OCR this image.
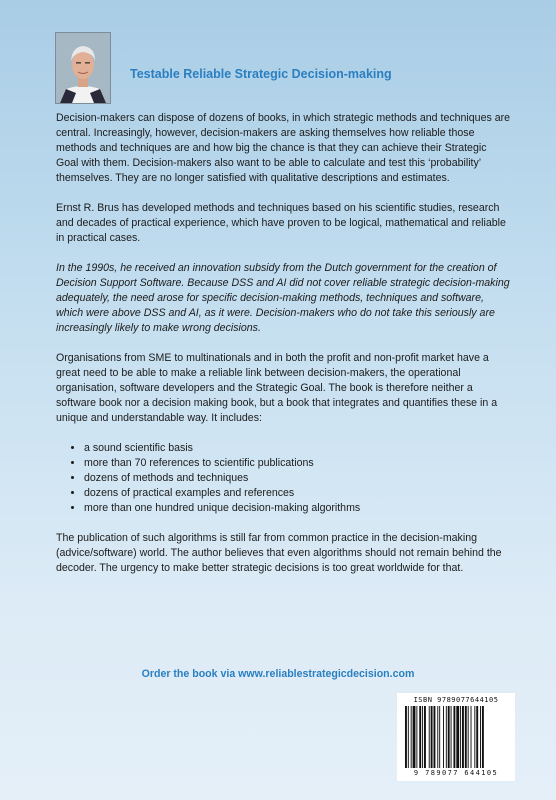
Testable Reliable Strategic Decision-making

Decision-makers can dispose of dozens of books, in which strategic methods and techniques are central. Increasingly, however, decision-makers are asking themselves how reliable those methods and techniques are and how big the chance is that they can achieve their Strategic Goal with them. Decision-makers also want to be able to calculate and test this ‘probability’ themselves. They are no longer satisfied with qualitative descriptions and estimates.

Ernst R. Brus has developed methods and techniques based on his scientific studies, research and decades of practical experience, which have proven to be logical, mathematical and reliable in practical cases.

In the 1990s, he received an innovation subsidy from the Dutch government for the creation of Decision Support Software. Because DSS and AI did not cover reliable strategic decision-making adequately, the need arose for specific decision-making methods, techniques and software, which were above DSS and AI, as it were. Decision-makers who do not take this seriously are increasingly likely to make wrong decisions.

Organisations from SME to multinationals and in both the profit and non-profit market have a great need to be able to make a reliable link between decision-makers, the operational organisation, software developers and the Strategic Goal. The book is therefore neither a software book nor a decision making book, but a book that integrates and quantifies these in a unique and understandable way. It includes:

• a sound scientific basis
• more than 70 references to scientific publications
• dozens of methods and techniques
• dozens of practical examples and references
• more than one hundred unique decision-making algorithms

The publication of such algorithms is still far from common practice in the decision-making (advice/software) world. The author believes that even algorithms should not remain behind the decoder. The urgency to make better strategic decisions is too great worldwide for that.

Order the book via www.reliablestrategicdecision.com
ISBN 9789077644105
9 789077 644105
